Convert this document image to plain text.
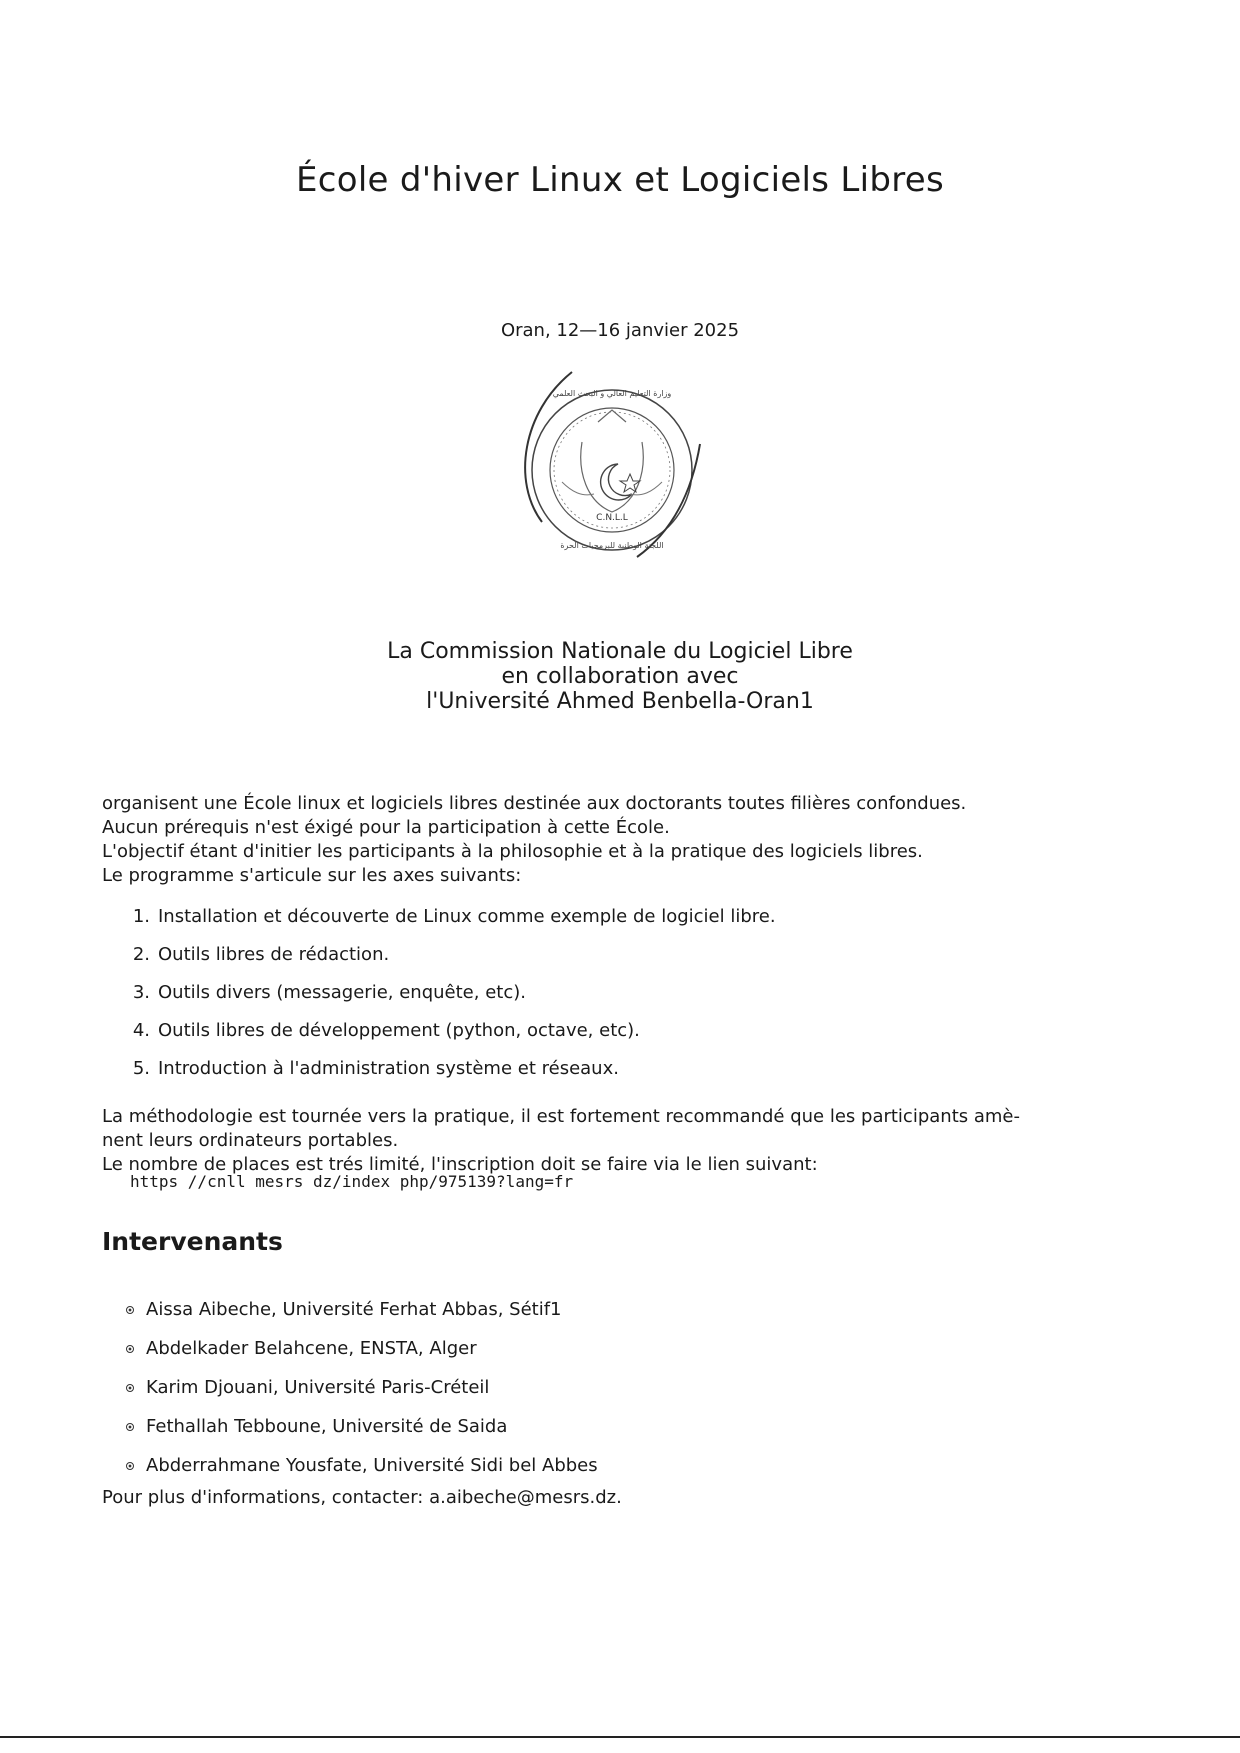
École d'hiver Linux et Logiciels Libres
Oran, 12—16 janvier 2025
C.N.L.L
وزارة التعليم العالي و البحث العلمي
اللجنة الوطنية للبرمجيات الحرة
La Commission Nationale du Logiciel Libre
en collaboration avec
l'Université Ahmed Benbella-Oran1
organisent une École linux et logiciels libres destinée aux doctorants toutes filières confondues.
Aucun prérequis n'est éxigé pour la participation à cette École.
L'objectif étant d'initier les participants à la philosophie et à la pratique des logiciels libres.
Le programme s'articule sur les axes suivants:
1. Installation et découverte de Linux comme exemple de logiciel libre.
2. Outils libres de rédaction.
3. Outils divers (messagerie, enquête, etc).
4. Outils libres de développement (python, octave, etc).
5. Introduction à l'administration système et réseaux.
La méthodologie est tournée vers la pratique, il est fortement recommandé que les participants amè-
nent leurs ordinateurs portables.
Le nombre de places est trés limité, l'inscription doit se faire via le lien suivant:
https //cnll mesrs dz/index php/975139?lang=fr
Intervenants
Aissa Aibeche, Université Ferhat Abbas, Sétif1
Abdelkader Belahcene, ENSTA, Alger
Karim Djouani, Université Paris-Créteil
Fethallah Tebboune, Université de Saida
Abderrahmane Yousfate, Université Sidi bel Abbes
Pour plus d'informations, contacter: a.aibeche@mesrs.dz.
